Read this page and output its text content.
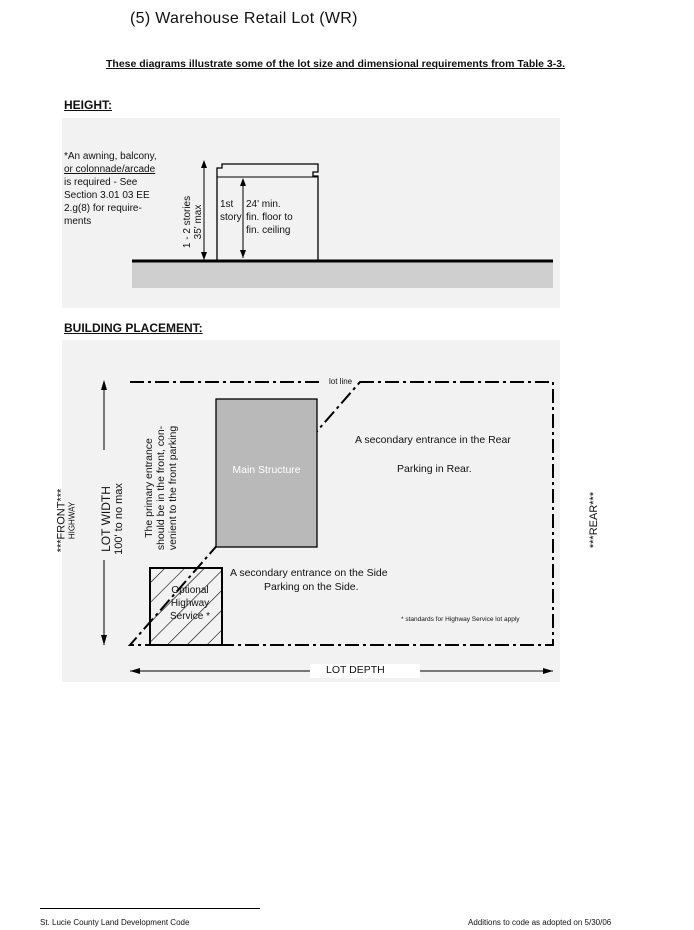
(5) Warehouse Retail Lot (WR)
These diagrams illustrate some of the lot size and dimensional requirements from Table 3-3.
HEIGHT:
*An awning, balcony,
or colonnade/arcade
is required - See
Section 3.01 03 EE
2.g(8) for require-
ments	1 - 2 stories 35' max
1st
story
24' min.
fin. floor to
fin. ceiling
BUILDING PLACEMENT:
lot line
***FRONT*** HIGHWAY LOT WIDTH 100' to no max The primary entrance should be in the front, con- venient to the front parking	Main Structure
A secondary entrance in the Rear
Parking in Rear.
A secondary entrance on the Side
Parking on the Side.
Optional
Highway
Service *	* standards for Highway Service lot apply
***REAR***
LOT DEPTH
St. Lucie County Land Development Code	Additions to code as adopted on 5/30/06
